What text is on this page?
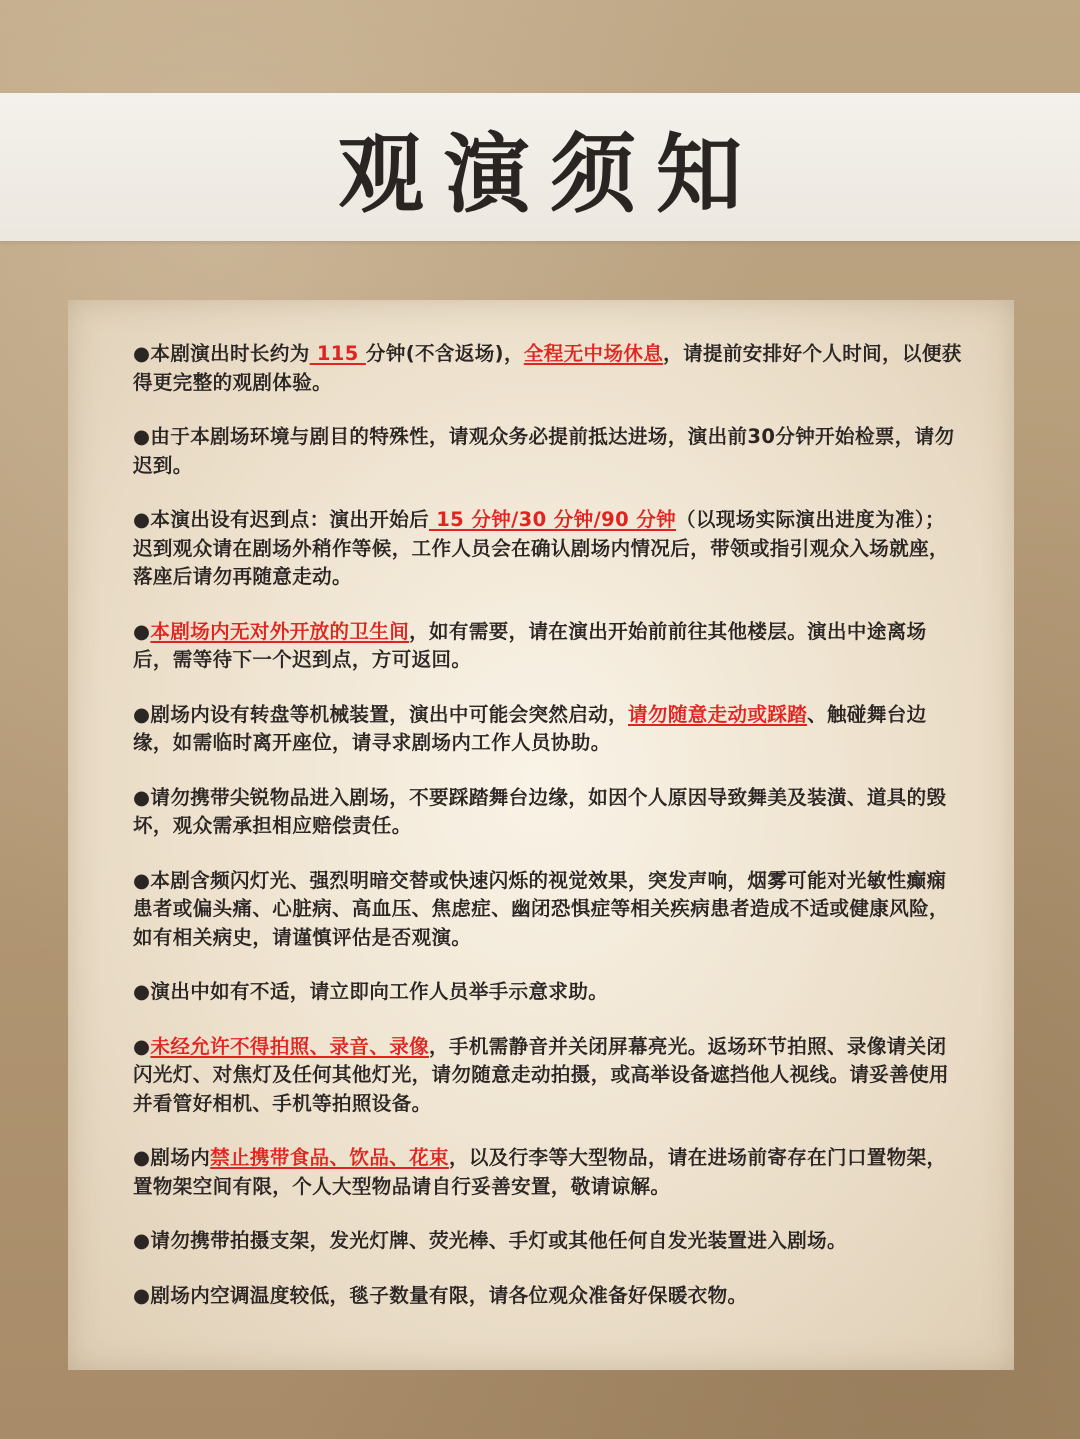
观演须知
●本剧演出时长约为 115 分钟(不含返场)，全程无中场休息，请提前安排好个人时间，以便获得更完整的观剧体验。
●由于本剧场环境与剧目的特殊性，请观众务必提前抵达进场，演出前30分钟开始检票，请勿迟到。
●本演出设有迟到点：演出开始后 15 分钟/30 分钟/90 分钟（以现场实际演出进度为准）；迟到观众请在剧场外稍作等候，工作人员会在确认剧场内情况后，带领或指引观众入场就座，落座后请勿再随意走动。
●本剧场内无对外开放的卫生间，如有需要，请在演出开始前前往其他楼层。演出中途离场后，需等待下一个迟到点，方可返回。
●剧场内设有转盘等机械装置，演出中可能会突然启动，请勿随意走动或踩踏、触碰舞台边缘，如需临时离开座位，请寻求剧场内工作人员协助。
●请勿携带尖锐物品进入剧场，不要踩踏舞台边缘，如因个人原因导致舞美及装潢、道具的毁坏，观众需承担相应赔偿责任。
●本剧含频闪灯光、强烈明暗交替或快速闪烁的视觉效果，突发声响，烟雾可能对光敏性癫痫患者或偏头痛、心脏病、高血压、焦虑症、幽闭恐惧症等相关疾病患者造成不适或健康风险，如有相关病史，请谨慎评估是否观演。
●演出中如有不适，请立即向工作人员举手示意求助。
●未经允许不得拍照、录音、录像，手机需静音并关闭屏幕亮光。返场环节拍照、录像请关闭闪光灯、对焦灯及任何其他灯光，请勿随意走动拍摄，或高举设备遮挡他人视线。请妥善使用并看管好相机、手机等拍照设备。
●剧场内禁止携带食品、饮品、花束，以及行李等大型物品，请在进场前寄存在门口置物架，置物架空间有限，个人大型物品请自行妥善安置，敬请谅解。
●请勿携带拍摄支架，发光灯牌、荧光棒、手灯或其他任何自发光装置进入剧场。
●剧场内空调温度较低，毯子数量有限，请各位观众准备好保暖衣物。
